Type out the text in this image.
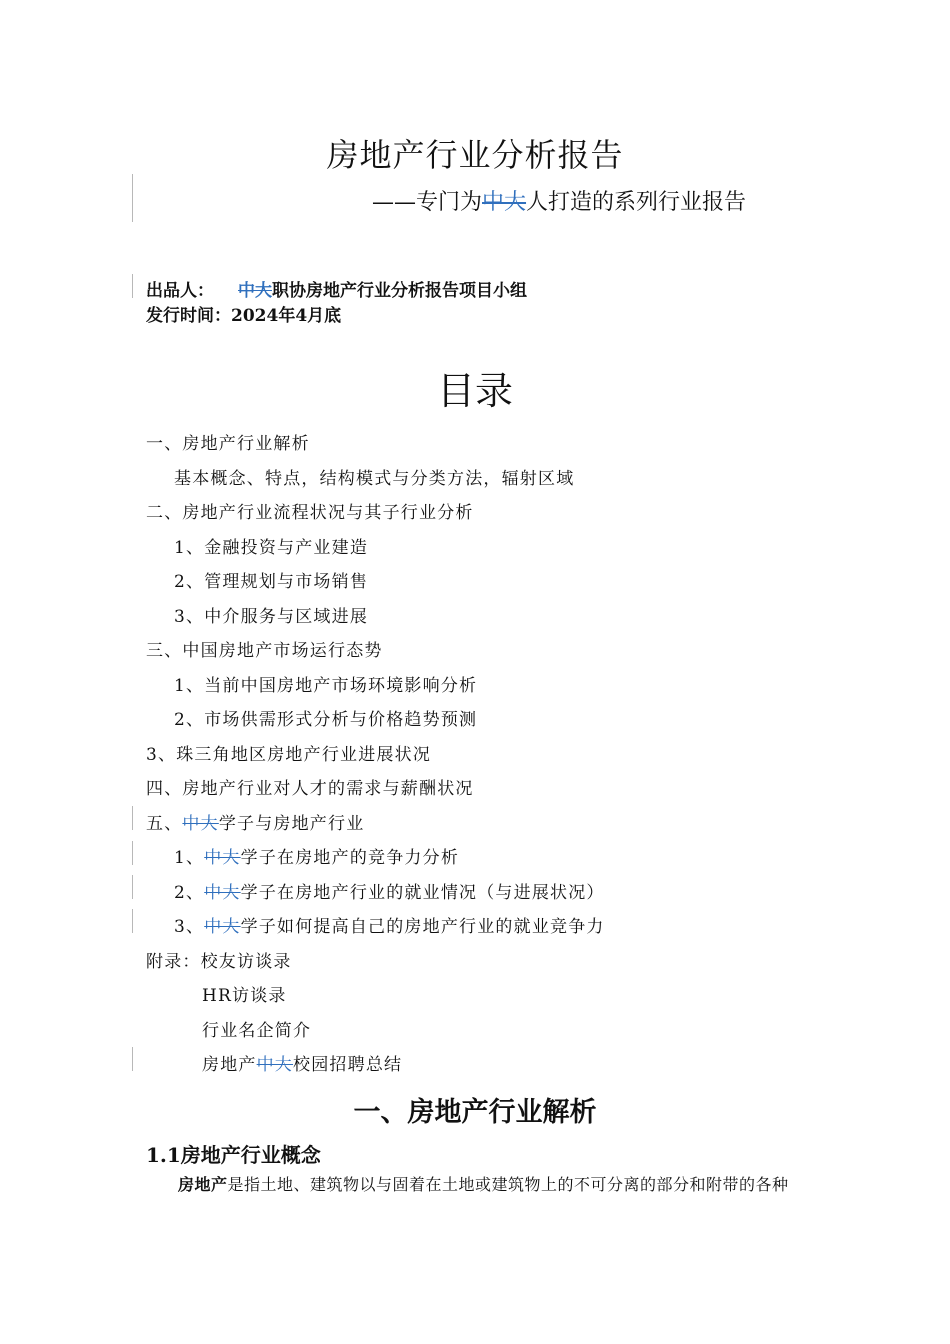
房地产行业分析报告
——专门为中大人打造的系列行业报告
出品人： 中大职协房地产行业分析报告项目小组
发行时间：2024年4月底
目录
一、房地产行业解析
基本概念、特点，结构模式与分类方法，辐射区域
二、房地产行业流程状况与其子行业分析
1、金融投资与产业建造
2、管理规划与市场销售
3、中介服务与区域进展
三、中国房地产市场运行态势
1、当前中国房地产市场环境影响分析
2、市场供需形式分析与价格趋势预测
3、珠三角地区房地产行业进展状况
四、房地产行业对人才的需求与薪酬状况
五、中大学子与房地产行业
1、中大学子在房地产的竞争力分析
2、中大学子在房地产行业的就业情况（与进展状况）
3、中大学子如何提高自己的房地产行业的就业竞争力
附录：校友访谈录
HR访谈录
行业名企简介
房地产中大校园招聘总结
一、房地产行业解析
1.1房地产行业概念
房地产是指土地、建筑物以与固着在土地或建筑物上的不可分离的部分和附带的各种
